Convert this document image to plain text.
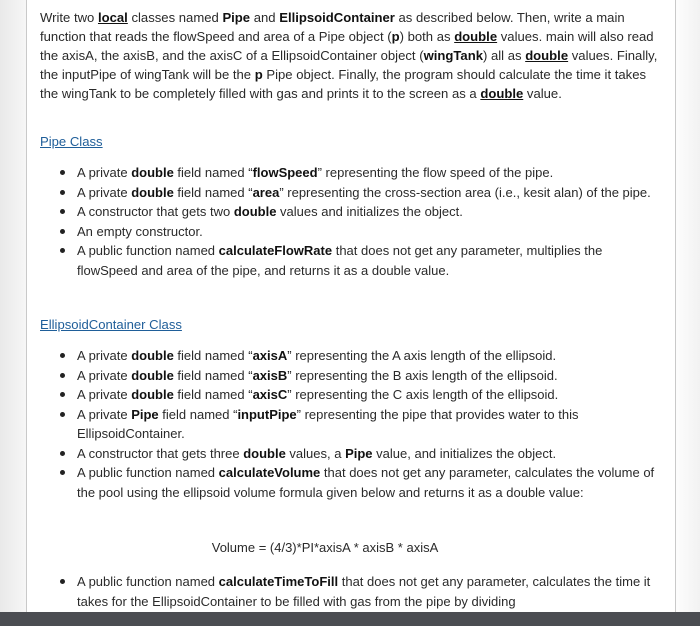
Write two local classes named Pipe and EllipsoidContainer as described below. Then, write a main function that reads the flowSpeed and area of a Pipe object (p) both as double values. main will also read the axisA, the axisB, and the axisC of a EllipsoidContainer object (wingTank) all as double values. Finally, the inputPipe of wingTank will be the p Pipe object. Finally, the program should calculate the time it takes the wingTank to be completely filled with gas and prints it to the screen as a double value.

Pipe Class
A private double field named “flowSpeed” representing the flow speed of the pipe.
A private double field named “area” representing the cross-section area (i.e., kesit alan) of the pipe.
A constructor that gets two double values and initializes the object.
An empty constructor.
A public function named calculateFlowRate that does not get any parameter, multiplies the flowSpeed and area of the pipe, and returns it as a double value.
EllipsoidContainer Class
A private double field named “axisA” representing the A axis length of the ellipsoid.
A private double field named “axisB” representing the B axis length of the ellipsoid.
A private double field named “axisC” representing the C axis length of the ellipsoid.
A private Pipe field named “inputPipe” representing the pipe that provides water to this EllipsoidContainer.
A constructor that gets three double values, a Pipe value, and initializes the object.
A public function named calculateVolume that does not get any parameter, calculates the volume of the pool using the ellipsoid volume formula given below and returns it as a double value:
Volume = (4/3)*PI*axisA * axisB * axisA
A public function named calculateTimeToFill that does not get any parameter, calculates the time it takes for the EllipsoidContainer to be filled with gas from the pipe by dividing
